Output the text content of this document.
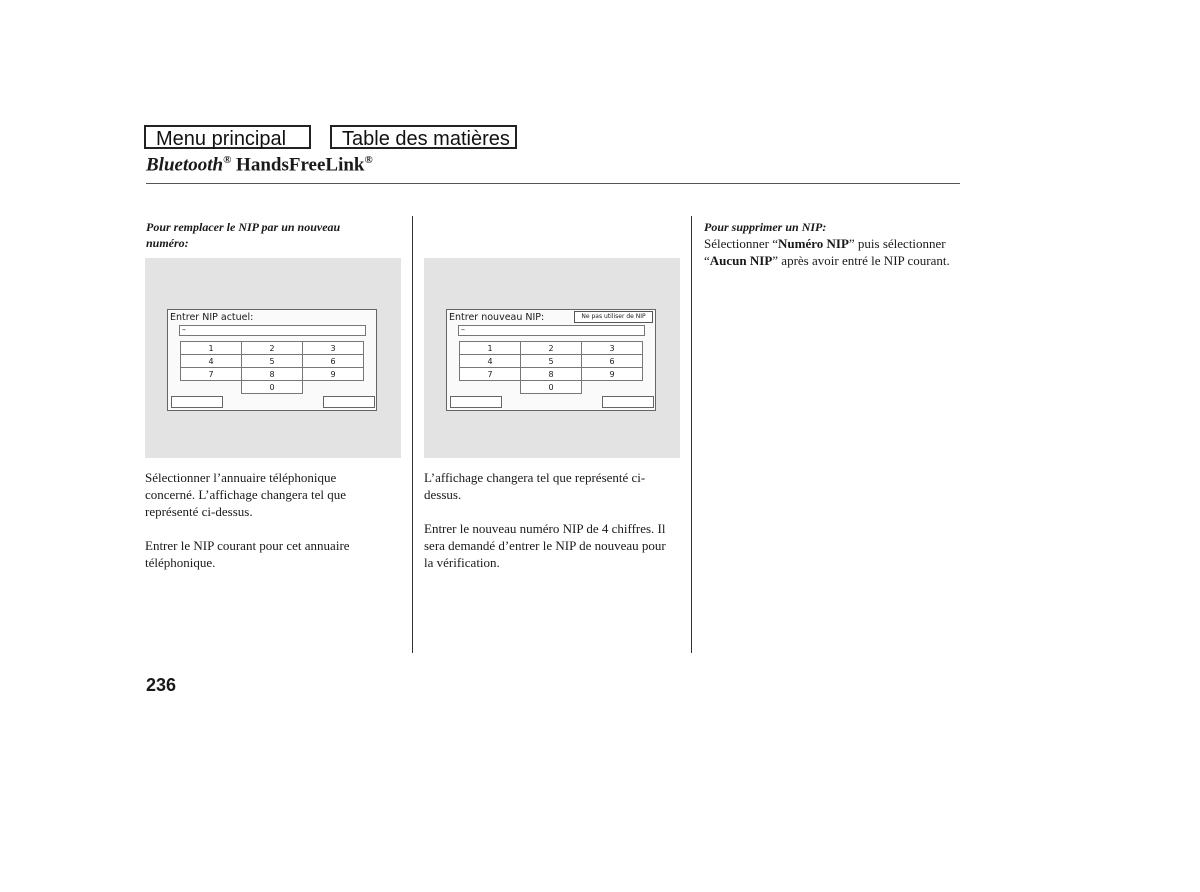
Menu principal	Table des matières
Bluetooth® HandsFreeLink®
Pour remplacer le NIP par un nouveau numéro:
Entrer NIP actuel:
–
1	2	3
4	5	6
7	8	9
	0	

Sélectionner l’annuaire téléphonique concerné. L’affichage changera tel que représenté ci-dessus.

Entrer le NIP courant pour cet annuaire téléphonique.

Entrer nouveau NIP:	Ne pas utiliser de NIP
–
1	2	3
4	5	6
7	8	9
	0	

L’affichage changera tel que représenté ci-dessus.

Entrer le nouveau numéro NIP de 4 chiffres. Il sera demandé d’entrer le NIP de nouveau pour la vérification.

Pour supprimer un NIP:
Sélectionner “Numéro NIP” puis sélectionner “Aucun NIP” après avoir entré le NIP courant.
236
